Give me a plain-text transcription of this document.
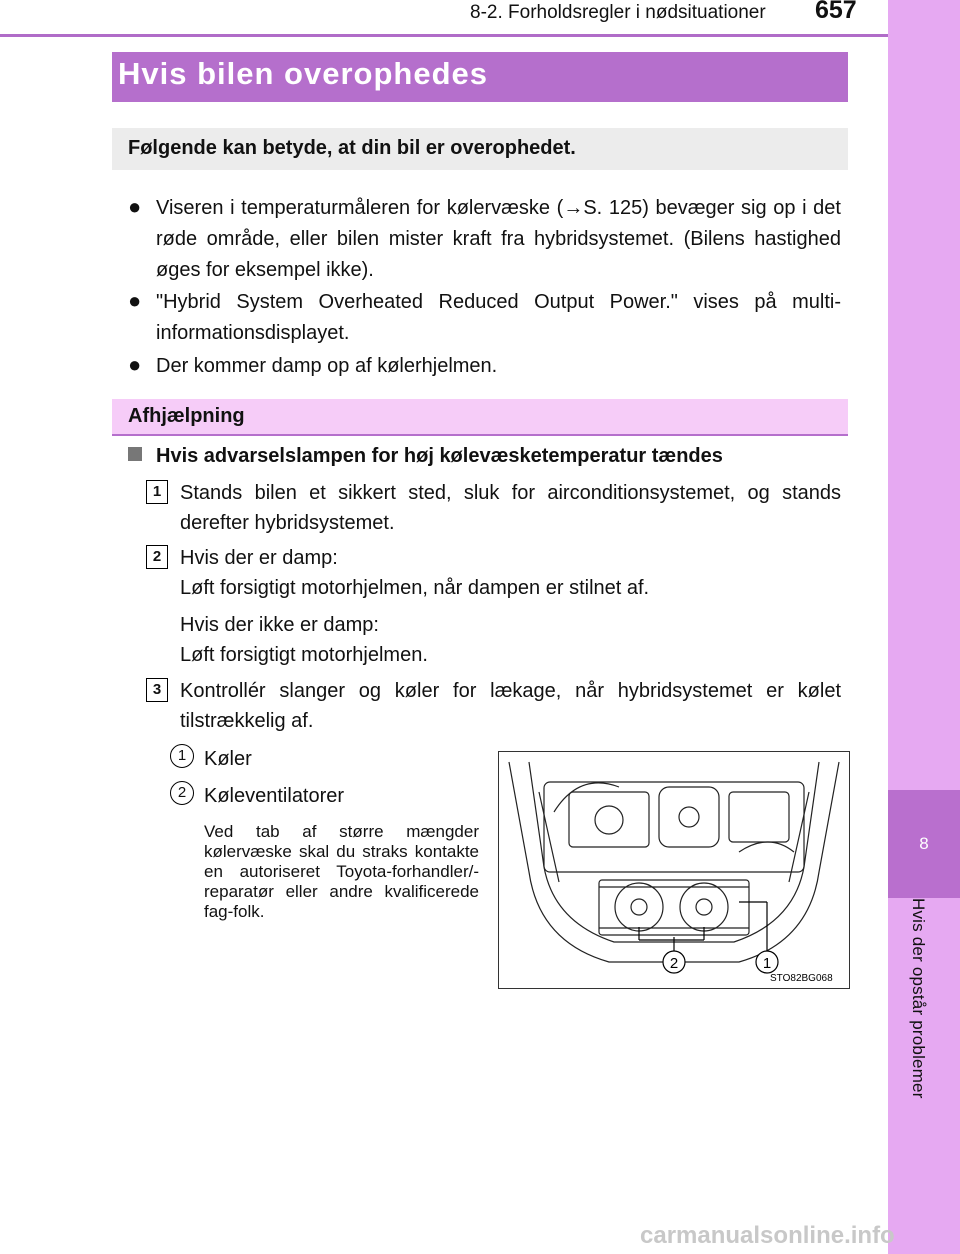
8-2. Forholdsregler i nødsituationer 657
8
Hvis der opstår problemer
Hvis bilen overophedes
Følgende kan betyde, at din bil er overophedet.
● Viseren i temperaturmåleren for kølervæske (→S. 125) bevæger sig op i det røde område, eller bilen mister kraft fra hybridsystemet. (Bilens hastighed øges for eksempel ikke).
● "Hybrid System Overheated Reduced Output Power." vises på multi-informationsdisplayet.
● Der kommer damp op af kølerhjelmen.
Afhjælpning
Hvis advarselslampen for høj kølevæsketemperatur tændes
1 Stands bilen et sikkert sted, sluk for airconditionsystemet, og stands derefter hybridsystemet.
2 Hvis der er damp:
Løft forsigtigt motorhjelmen, når dampen er stilnet af.
Hvis der ikke er damp:
Løft forsigtigt motorhjelmen.
3 Kontrollér slanger og køler for lækage, når hybridsystemet er kølet tilstrækkelig af.
1 Køler
2 Køleventilatorer
Ved tab af større mængder kølervæske skal du straks kontakte en autoriseret Toyota-forhandler/-reparatør eller andre kvalificerede fag-folk.
2	1
STO82BG068
carmanualsonline.info
